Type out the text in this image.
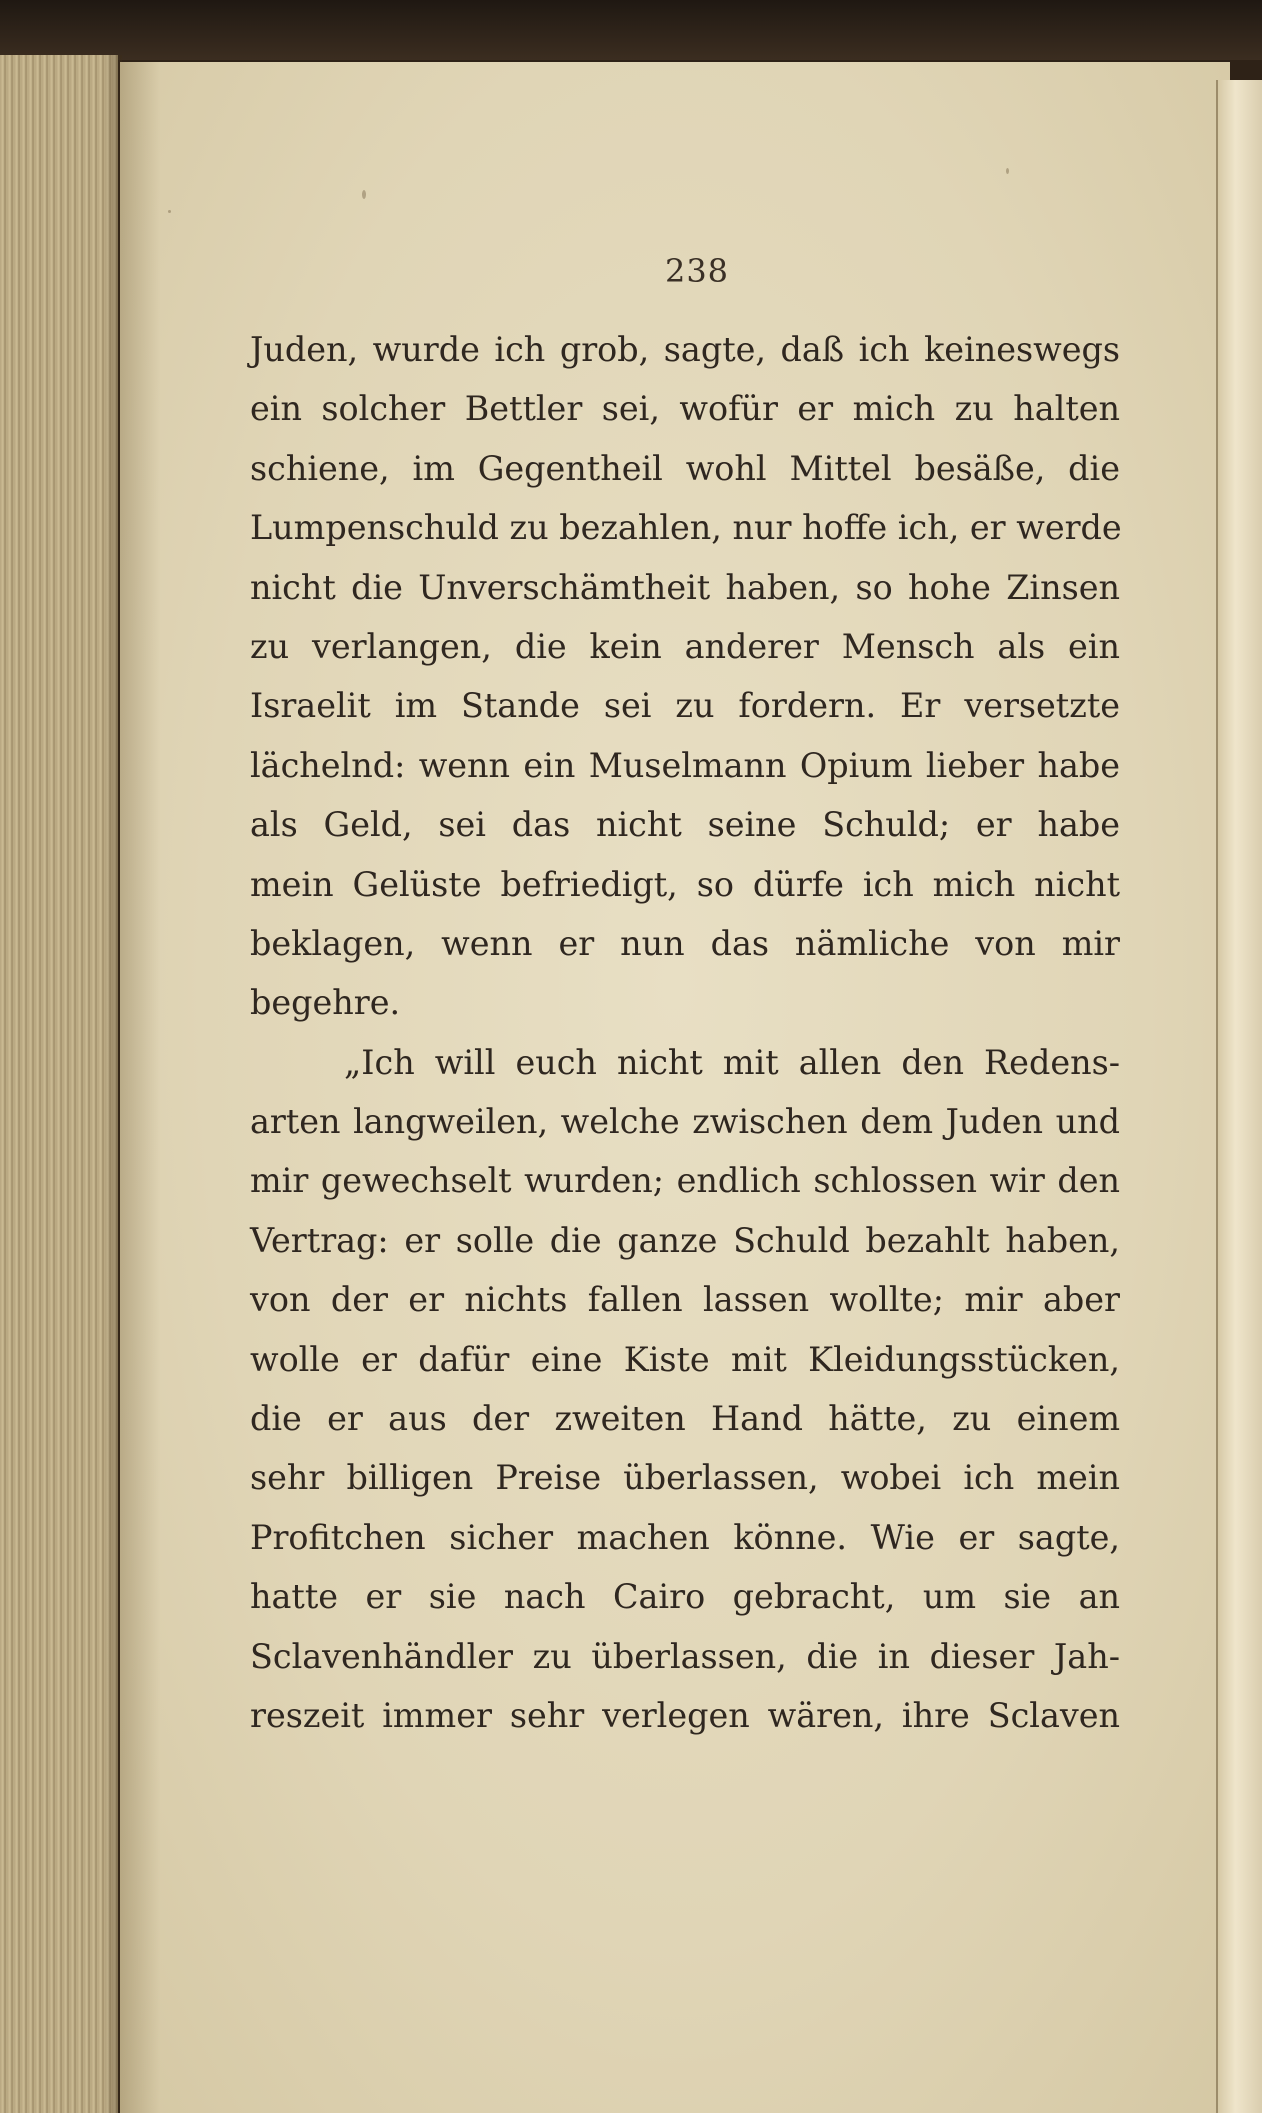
238
Juden, wurde ich grob, sagte, daß ich keineswegs
ein solcher Bettler sei, wofür er mich zu halten
schiene, im Gegentheil wohl Mittel besäße, die
Lumpenschuld zu bezahlen, nur hoffe ich, er werde
nicht die Unverschämtheit haben, so hohe Zinsen
zu verlangen, die kein anderer Mensch als ein
Israelit im Stande sei zu fordern. Er versetzte
lächelnd: wenn ein Muselmann Opium lieber habe
als Geld, sei das nicht seine Schuld; er habe
mein Gelüste befriedigt, so dürfe ich mich nicht
beklagen, wenn er nun das nämliche von mir
begehre.
„Ich will euch nicht mit allen den Redens-
arten langweilen, welche zwischen dem Juden und
mir gewechselt wurden; endlich schlossen wir den
Vertrag: er solle die ganze Schuld bezahlt haben,
von der er nichts fallen lassen wollte; mir aber
wolle er dafür eine Kiste mit Kleidungsstücken,
die er aus der zweiten Hand hätte, zu einem
sehr billigen Preise überlassen, wobei ich mein
Profitchen sicher machen könne. Wie er sagte,
hatte er sie nach Cairo gebracht, um sie an
Sclavenhändler zu überlassen, die in dieser Jah-
reszeit immer sehr verlegen wären, ihre Sclaven
